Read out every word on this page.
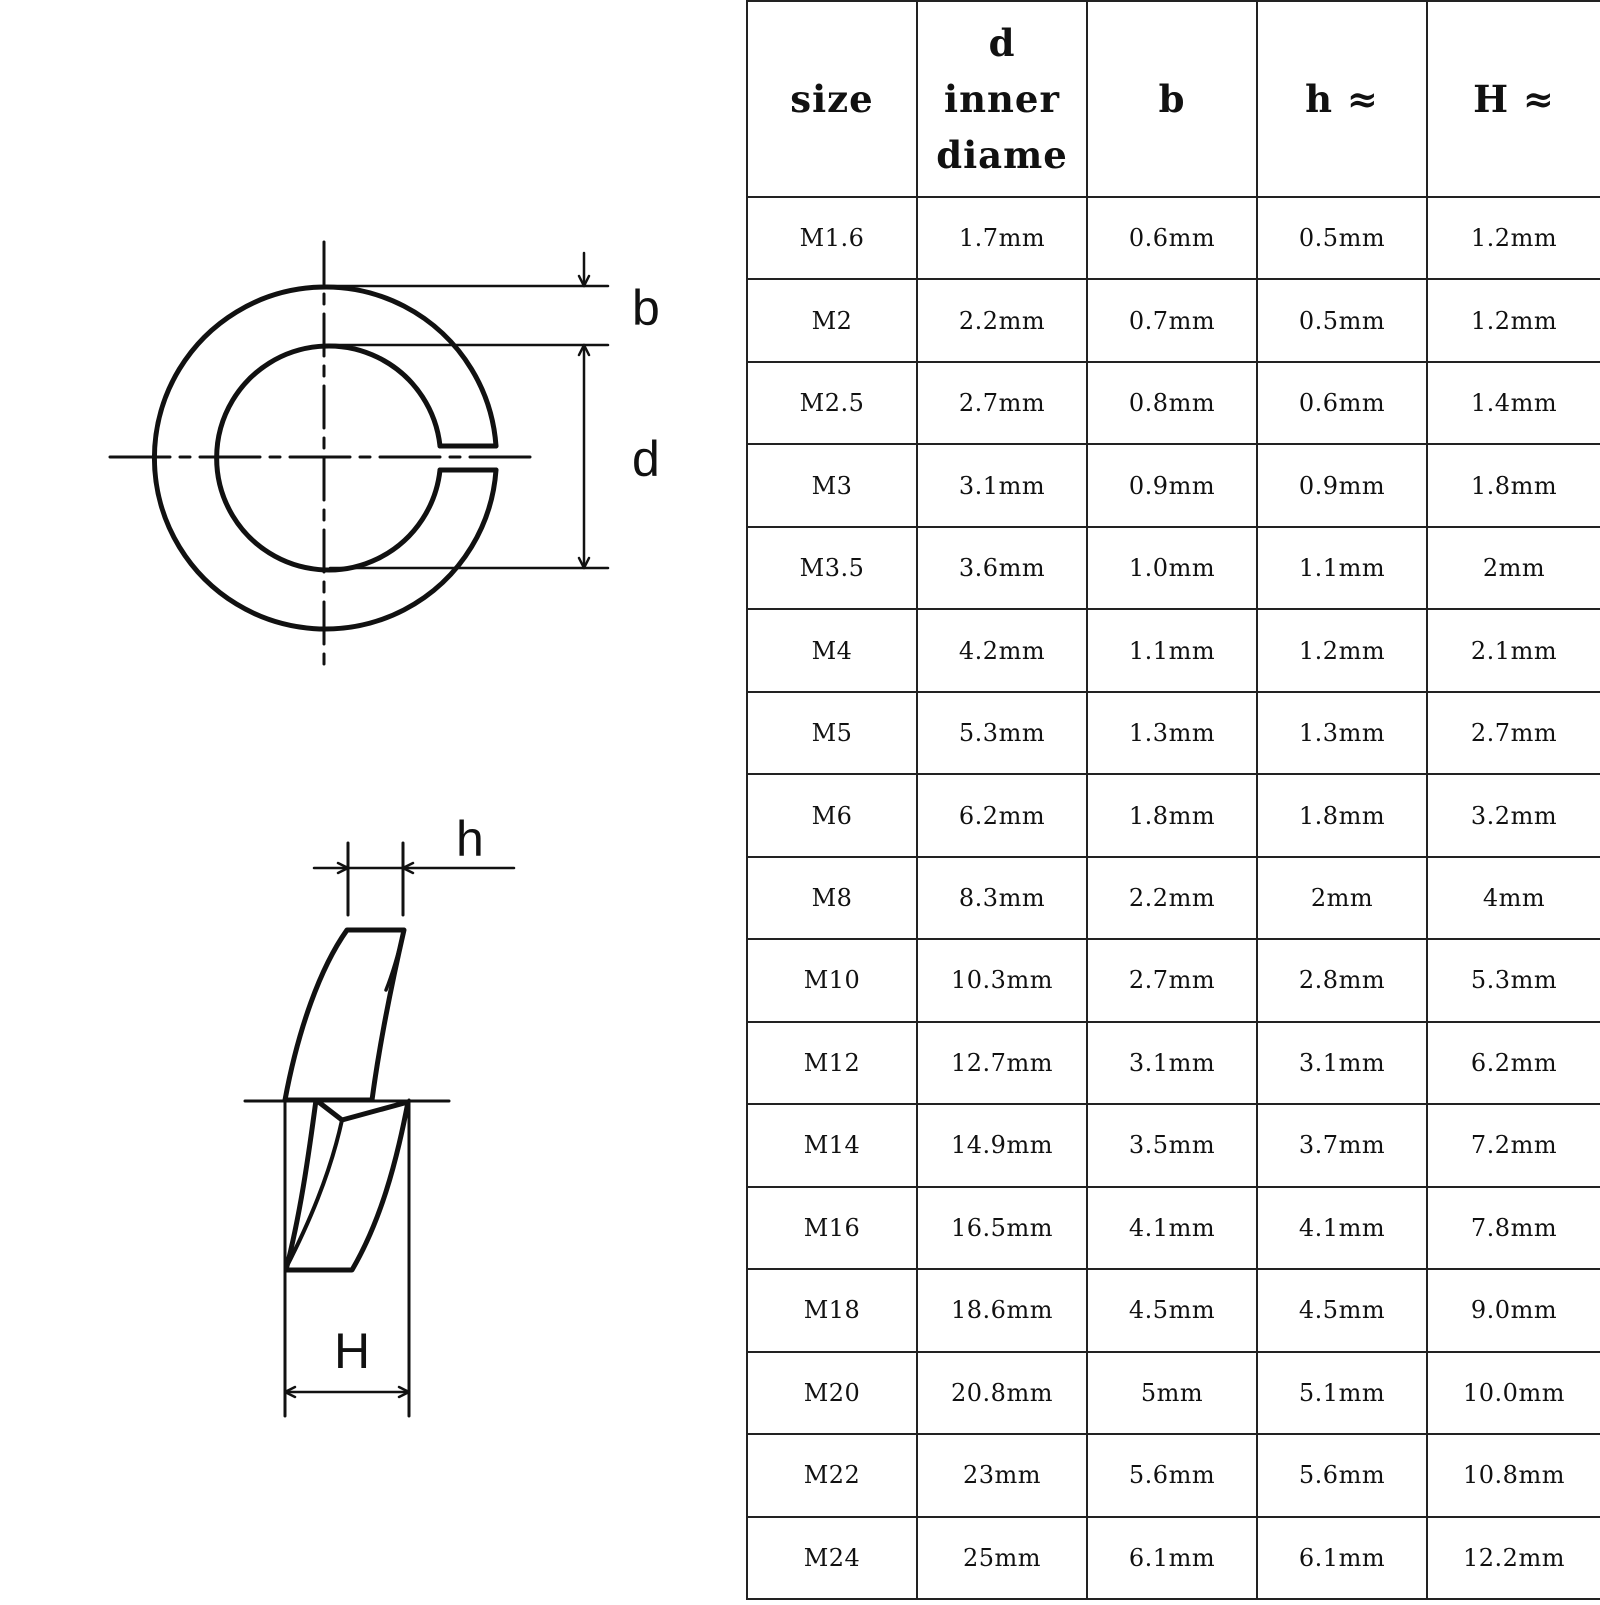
b
d
h
H
size	d
inner
diame	b	h ≈	H ≈

M1.6	1.7mm	0.6mm	0.5mm	1.2mm
M2	2.2mm	0.7mm	0.5mm	1.2mm
M2.5	2.7mm	0.8mm	0.6mm	1.4mm
M3	3.1mm	0.9mm	0.9mm	1.8mm
M3.5	3.6mm	1.0mm	1.1mm	2mm
M4	4.2mm	1.1mm	1.2mm	2.1mm
M5	5.3mm	1.3mm	1.3mm	2.7mm
M6	6.2mm	1.8mm	1.8mm	3.2mm
M8	8.3mm	2.2mm	2mm	4mm
M10	10.3mm	2.7mm	2.8mm	5.3mm
M12	12.7mm	3.1mm	3.1mm	6.2mm
M14	14.9mm	3.5mm	3.7mm	7.2mm
M16	16.5mm	4.1mm	4.1mm	7.8mm
M18	18.6mm	4.5mm	4.5mm	9.0mm
M20	20.8mm	5mm	5.1mm	10.0mm
M22	23mm	5.6mm	5.6mm	10.8mm
M24	25mm	6.1mm	6.1mm	12.2mm
